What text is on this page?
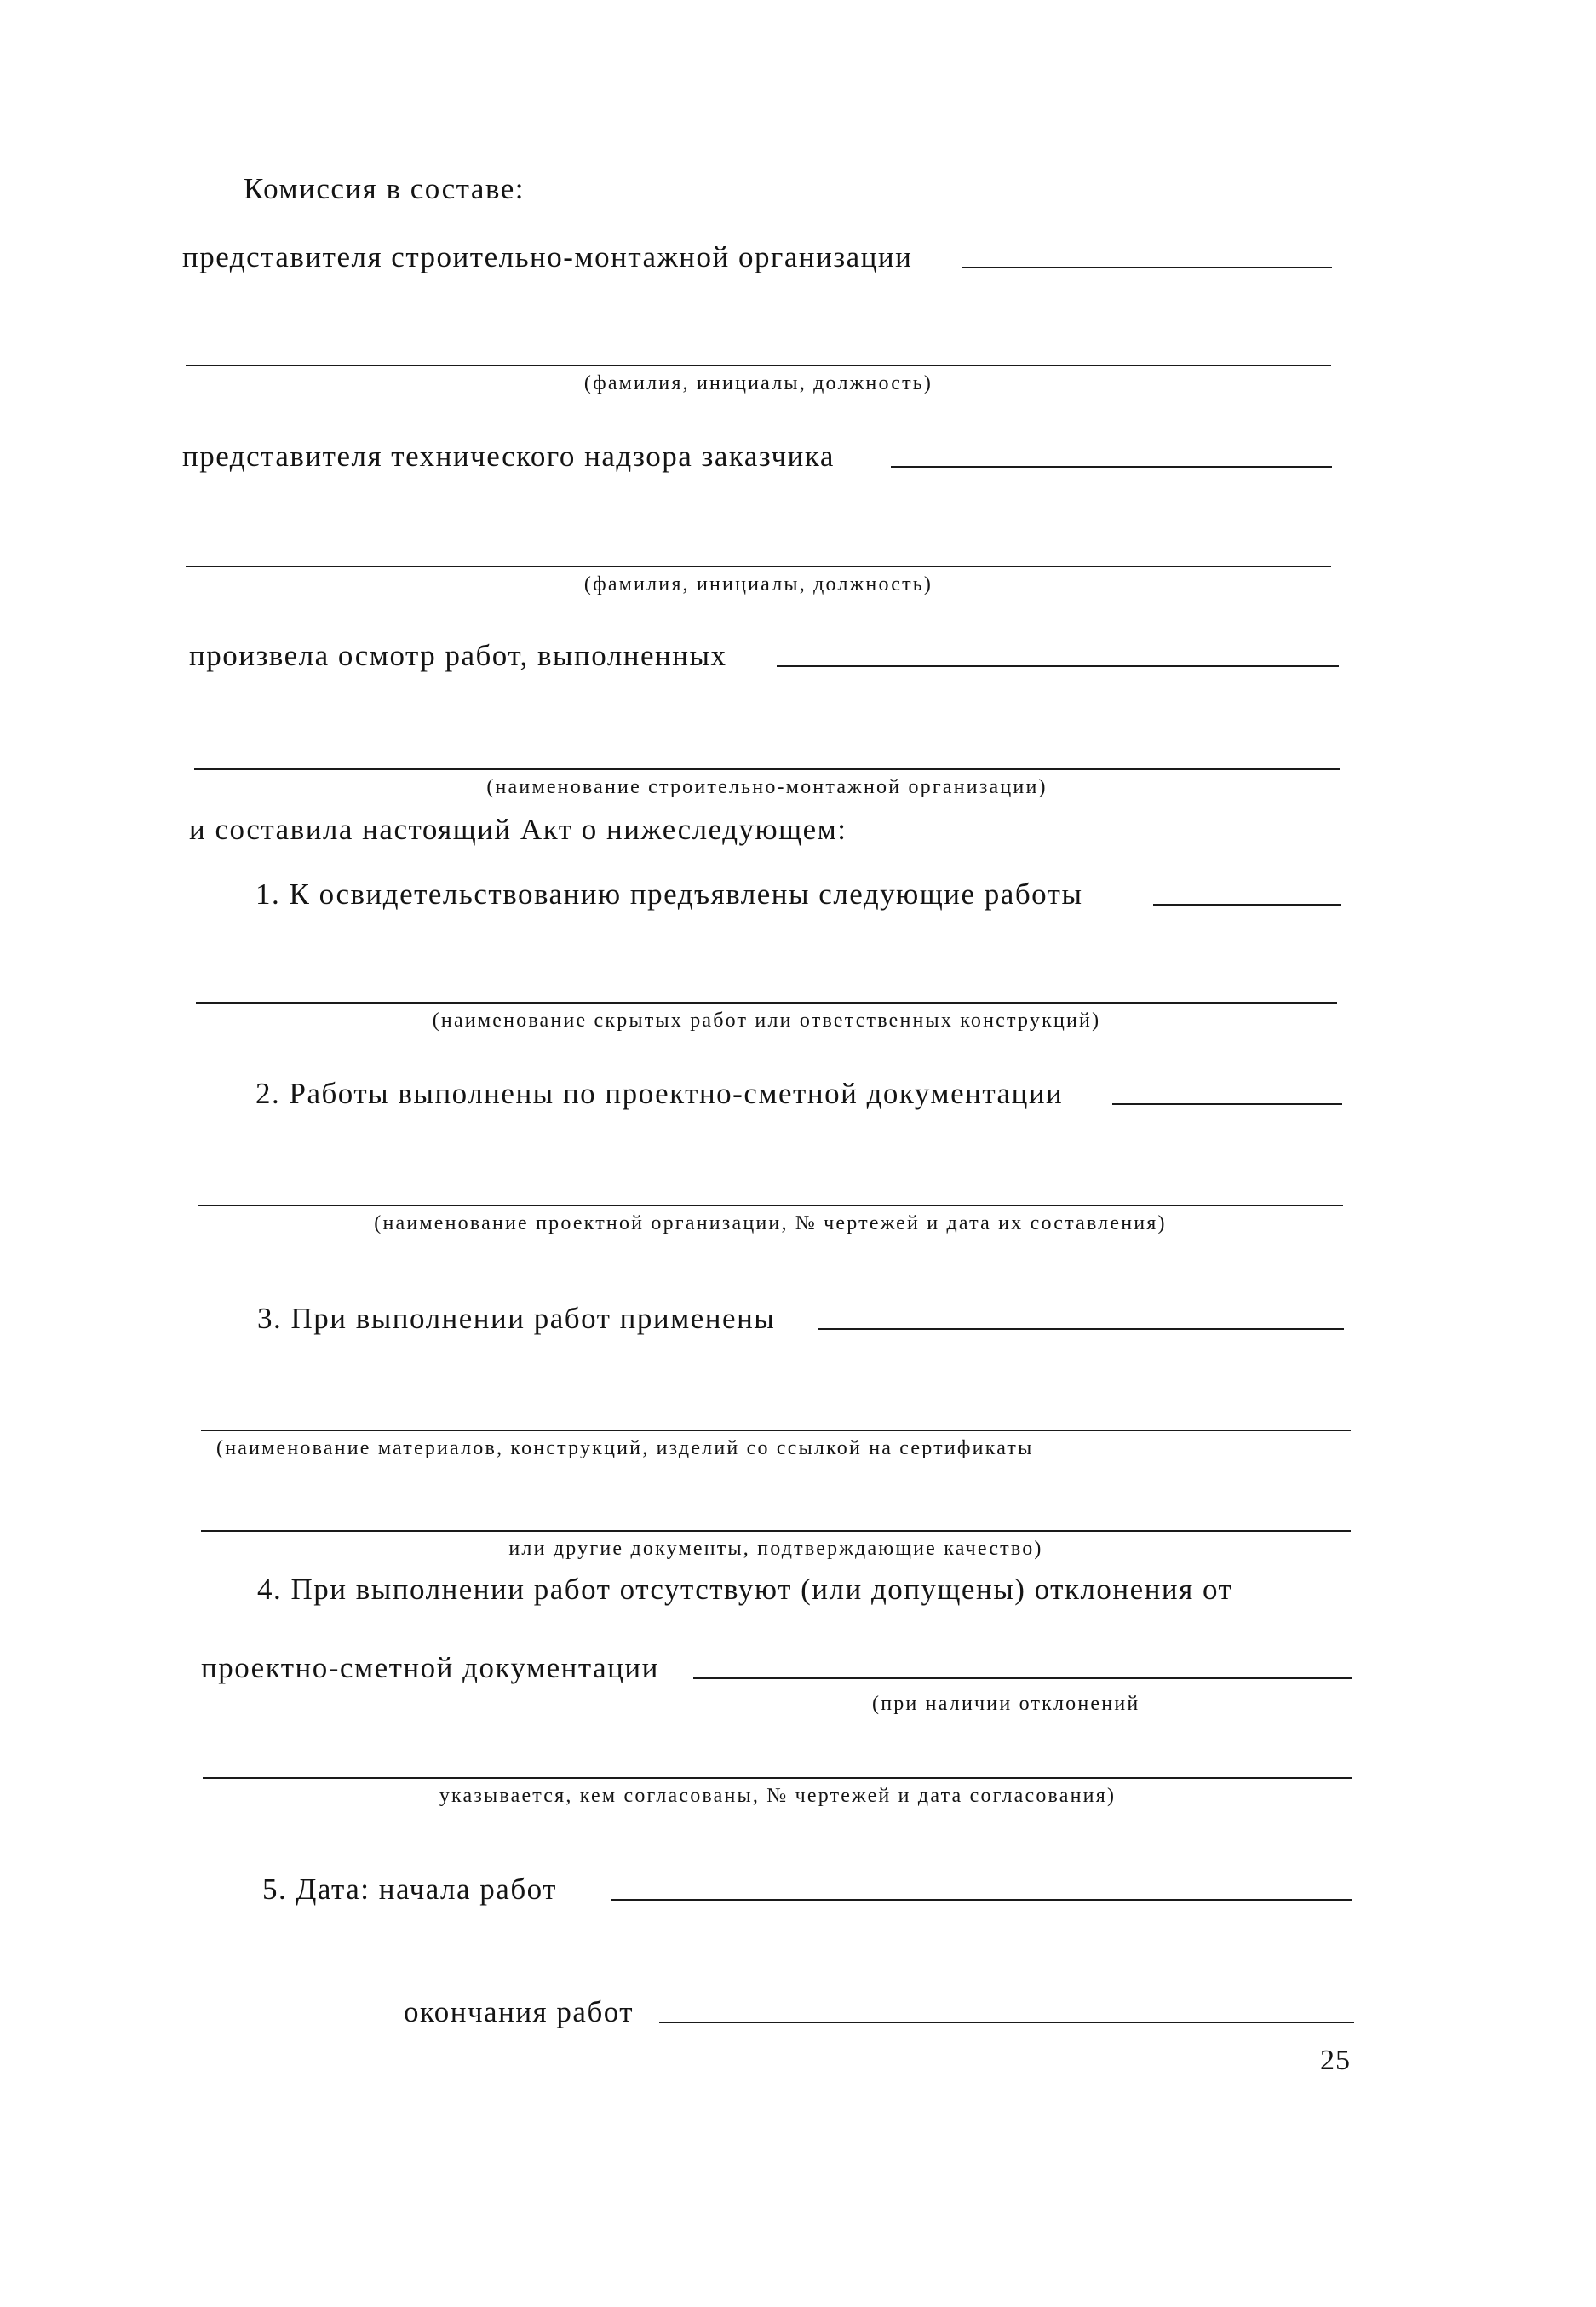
Комиссия в составе:
представителя строительно-монтажной организации
(фамилия, инициалы, должность)
представителя технического надзора заказчика
(фамилия, инициалы, должность)
произвела осмотр работ, выполненных
(наименование строительно-монтажной организации)
и составила настоящий Акт о нижеследующем:
1. К освидетельствованию предъявлены следующие работы
(наименование скрытых работ или ответственных конструкций)
2. Работы выполнены по проектно-сметной документации
(наименование проектной организации, № чертежей и дата их составления)
3. При выполнении работ применены
(наименование материалов, конструкций, изделий со ссылкой на сертификаты
или другие документы, подтверждающие качество)
4. При выполнении работ отсутствуют (или допущены) отклонения от
проектно-сметной документации
(при наличии отклонений
указывается, кем согласованы, № чертежей и дата согласования)
5. Дата: начала работ
окончания работ
25
